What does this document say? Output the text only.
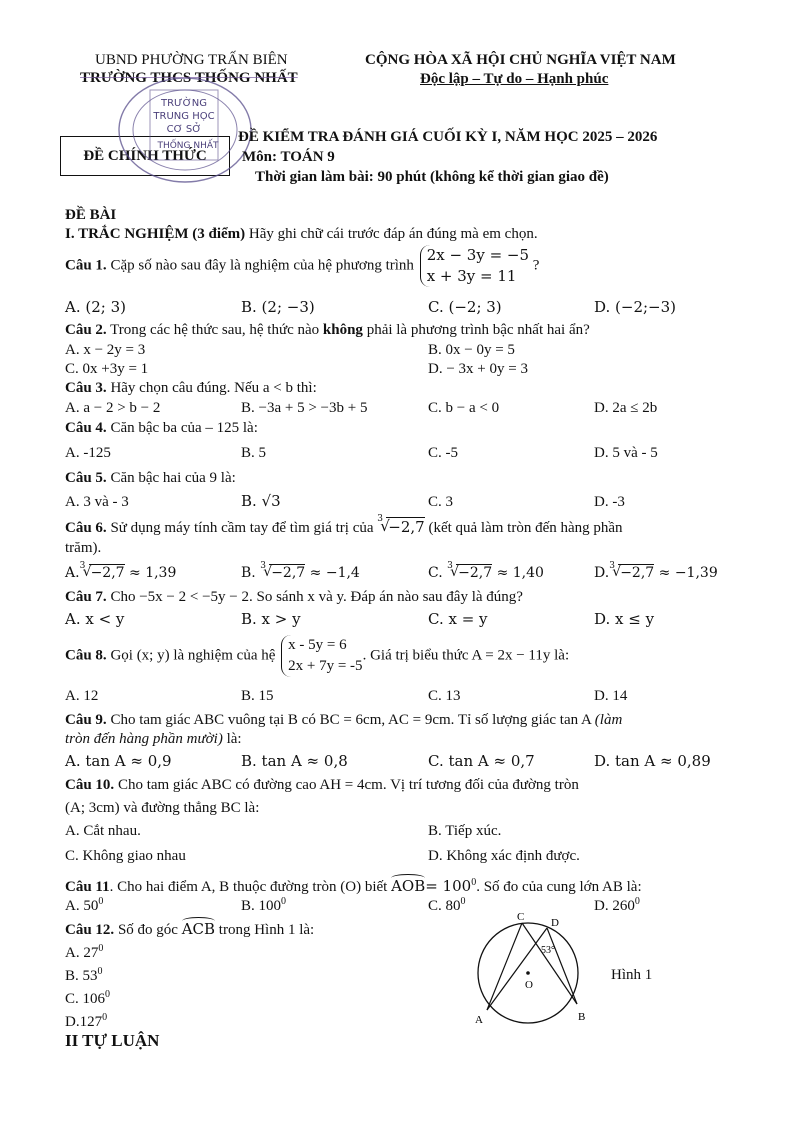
UBND PHƯỜNG TRẤN BIÊN
TRƯỜNG THCS THỐNG NHẤT
CỘNG HÒA XÃ HỘI CHỦ NGHĨA VIỆT NAM
Độc lập – Tự do – Hạnh phúc
ĐỀ CHÍNH THỨC
TRƯỜNG
TRUNG HỌC
CƠ SỞ
THỐNG NHẤT
ĐỀ KIỂM TRA ĐÁNH GIÁ CUỐI KỲ I, NĂM HỌC 2025 – 2026
Môn: TOÁN 9
Thời gian làm bài: 90 phút (không kể thời gian giao đề)
ĐỀ BÀI
I. TRẮC NGHIỆM (3 điểm) Hãy ghi chữ cái trước đáp án đúng mà em chọn.
Câu 1. Cặp số nào sau đây là nghiệm của hệ phương trình 2x − 3y = −5
x + 3y = 11 ?
A. (2; 3)	B. (2; −3)	C. (−2; 3)	D. (−2;−3)
Câu 2. Trong các hệ thức sau, hệ thức nào không phải là phương trình bậc nhất hai ẩn?
A. x − 2y = 3	B. 0x − 0y = 5
C. 0x +3y = 1	D. − 3x + 0y = 3
Câu 3. Hãy chọn câu đúng. Nếu a < b thì:
A. a − 2 > b − 2	B. −3a + 5 > −3b + 5	C. b − a < 0	D. 2a ≤ 2b
Câu 4. Căn bậc ba của – 125 là:
A. -125	B. 5	C. -5	D. 5 và - 5
Câu 5. Căn bậc hai của 9 là:
A. 3 và - 3	B. √3	C. 3	D. -3
Câu 6. Sử dụng máy tính cầm tay để tìm giá trị của
3 √ −2,7 (kết quả làm tròn đến hàng phần
trăm).
A. 3 √ −2,7 ≈ 1,39	B. 3 √ −2,7 ≈ −1,4	C. 3 √ −2,7 ≈ 1,40	D. 3 √ −2,7 ≈ −1,39
Câu 7. Cho −5x − 2 < −5y − 2. So sánh x và y. Đáp án nào sau đây là đúng?
A. x < y	B. x > y	C. x = y	D. x ≤ y
Câu 8. Gọi (x; y) là nghiệm của hệ x - 5y = 6
2x + 7y = -5. Giá trị biểu thức A = 2x − 11y là:
A. 12	B. 15	C. 13	D. 14
Câu 9. Cho tam giác ABC vuông tại B có BC = 6cm, AC = 9cm. Tỉ số lượng giác tan A (làm
tròn đến hàng phần mười) là:
A. tan A ≈ 0,9	B. tan A ≈ 0,8	C. tan A ≈ 0,7	D. tan A ≈ 0,89
Câu 10. Cho tam giác ABC có đường cao AH = 4cm. Vị trí tương đối của đường tròn
(A; 3cm) và đường thẳng BC là:
A. Cắt nhau.	B. Tiếp xúc.
C. Không giao nhau	D. Không xác định được.
Câu 11. Cho hai điểm A, B thuộc đường tròn (O) biết $AOB= 100^0$. Số đo của cung lớn AB là:
A. $50^0$	B. $100^0$	C. $80^0$	D. $260^0$
Câu 12. Số đo góc ACB trong Hình 1 là:
A. $27^0$
B. $53^0$
C. $106^0$
D.127$^0$
C D
O
A	B
53°
Hình 1
II TỰ LUẬN
